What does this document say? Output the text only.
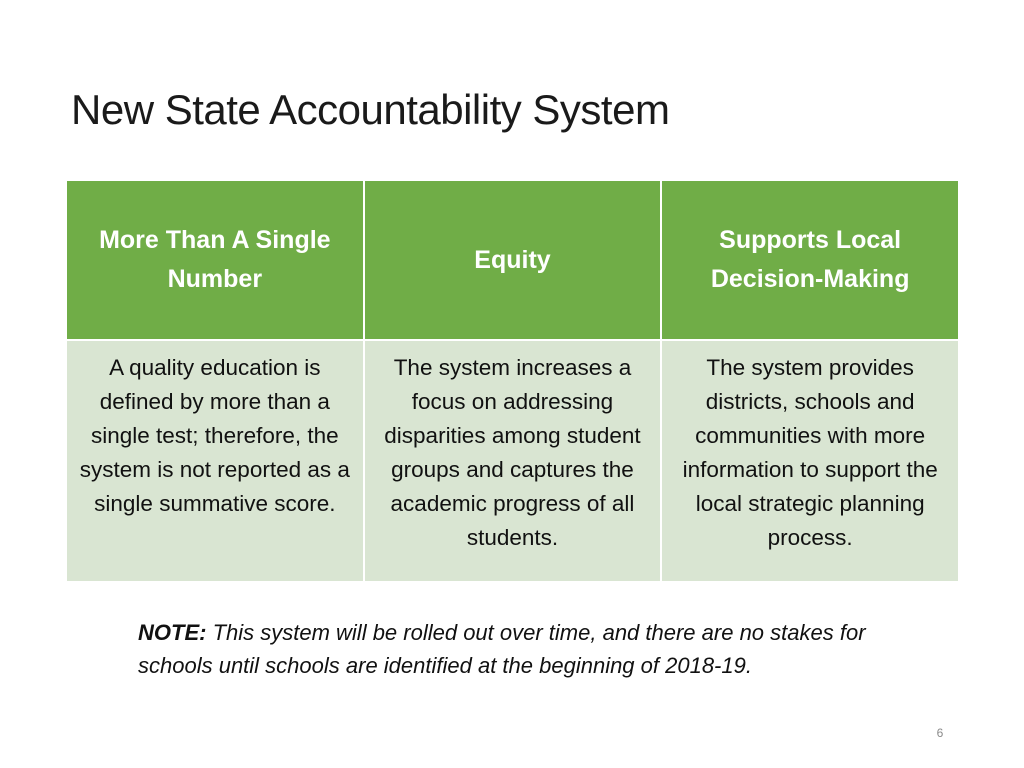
New State Accountability System
More Than A Single Number	Equity	Supports Local Decision-Making
A quality education is defined by more than a single test; therefore, the system is not reported as a single summative score.	The system increases a focus on addressing disparities among student groups and captures the academic progress of all students.	The system provides districts, schools and communities with more information to support the local strategic planning process.

NOTE: This system will be rolled out over time, and there are no stakes for schools until schools are identified at the beginning of 2018-19.

6
